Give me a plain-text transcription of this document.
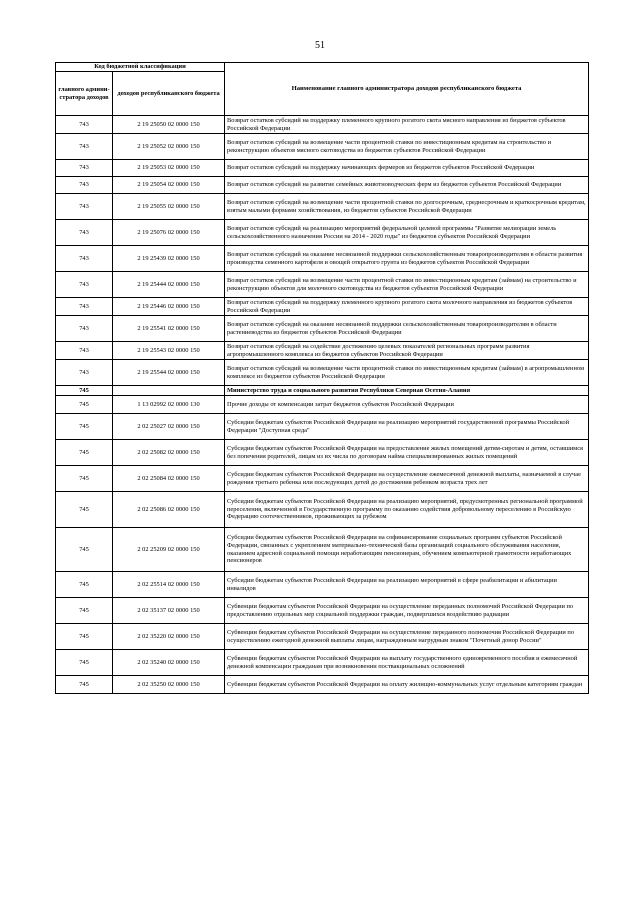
51
Код бюджетной классификации		Наименование главного администратора доходов республиканского бюджета
главного админи-стратора доходов	доходов республиканского бюджета	
743	2 19 25050 02 0000 150	Возврат остатков субсидий на поддержку племенного крупного рогатого скота мясного направления из бюджетов субъектов Российской Федерации
743	2 19 25052 02 0000 150	Возврат остатков субсидий на возмещение части процентной ставки по инвестиционным кредитам на строительство и реконструкцию объектов мясного скотоводства из бюджетов субъектов Российской Федерации
743	2 19 25053 02 0000 150	Возврат остатков субсидий на поддержку начинающих фермеров из бюджетов субъектов Российской Федерации
743	2 19 25054 02 0000 150	Возврат остатков субсидий на развитие семейных животноводческих ферм из бюджетов субъектов Российской Федерации
743	2 19 25055 02 0000 150	Возврат остатков субсидий на возмещение части процентной ставки по долгосрочным, среднесрочным и краткосрочным кредитам, взятым малыми формами хозяйствования, из бюджетов субъектов Российской Федерации
743	2 19 25076 02 0000 150	Возврат остатков субсидий на реализацию мероприятий федеральной целевой программы "Развитие мелиорации земель сельскохозяйственного назначения России на 2014 - 2020 годы" из бюджетов субъектов Российской Федерации
743	2 19 25439 02 0000 150	Возврат остатков субсидий на оказание несвязанной поддержки сельскохозяйственным товаропроизводителям в области развития производства семенного картофеля и овощей открытого грунта из бюджетов субъектов Российской Федерации
743	2 19 25444 02 0000 150	Возврат остатков субсидий на возмещение части процентной ставки по инвестиционным кредитам (займам) на строительство и реконструкцию объектов для молочного скотоводства из бюджетов субъектов Российской Федерации
743	2 19 25446 02 0000 150	Возврат остатков субсидий на поддержку племенного крупного рогатого скота молочного направления из бюджетов субъектов Российской Федерации
743	2 19 25541 02 0000 150	Возврат остатков субсидий на оказание несвязанной поддержки сельскохозяйственным товаропроизводителям в области растениеводства из бюджетов субъектов Российской Федерации
743	2 19 25543 02 0000 150	Возврат остатков субсидий на содействие достижению целевых показателей региональных программ развития агропромышленного комплекса из бюджетов субъектов Российской Федерации
743	2 19 25544 02 0000 150	Возврат остатков субсидий на возмещение части процентной ставки по инвестиционным кредитам (займам) в агропромышленном комплексе из бюджетов субъектов Российской Федерации
745		Министерство труда и социального развития Республики Северная Осетия-Алания
745	1 13 02992 02 0000 130	Прочие доходы от компенсации затрат бюджетов субъектов Российской Федерации
745	2 02 25027 02 0000 150	Субсидии бюджетам субъектов Российской Федерации на реализацию мероприятий государственной программы Российской Федерации "Доступная среда"
745	2 02 25082 02 0000 150	Субсидии бюджетам субъектов Российской Федерации на предоставление жилых помещений детям-сиротам и детям, оставшимся без попечения родителей, лицам из их числа по договорам найма специализированных жилых помещений
745	2 02 25084 02 0000 150	Субсидии бюджетам субъектов Российской Федерации на осуществление ежемесячной денежной выплаты, назначаемой в случае рождения третьего ребенка или последующих детей до достижения ребенком возраста трех лет
745	2 02 25086 02 0000 150	Субсидии бюджетам субъектов Российской Федерации на реализацию мероприятий, предусмотренных региональной программой переселения, включенной в Государственную программу по оказанию содействия добровольному переселению в Российскую Федерацию соотечественников, проживающих за рубежом
745	2 02 25209 02 0000 150	Субсидии бюджетам субъектов Российской Федерации на софинансирование социальных программ субъектов Российской Федерации, связанных с укреплением материально-технической базы организаций социального обслуживания населения, оказанием адресной социальной помощи неработающим пенсионерам, обучением компьютерной грамотности неработающих пенсионеров
745	2 02 25514 02 0000 150	Субсидии бюджетам субъектов Российской Федерации на реализацию мероприятий в сфере реабилитации и абилитации инвалидов
745	2 02 35137 02 0000 150	Субвенции бюджетам субъектов Российской Федерации на осуществление переданных полномочий Российской Федерации по предоставлению отдельных мер социальной поддержки граждан, подвергшихся воздействию радиации
745	2 02 35220 02 0000 150	Субвенции бюджетам субъектов Российской Федерации на осуществление переданного полномочия Российской Федерации по осуществлению ежегодной денежной выплаты лицам, награжденным нагрудным знаком "Почетный донор России"
745	2 02 35240 02 0000 150	Субвенции бюджетам субъектов Российской Федерации на выплату государственного единовременного пособия и ежемесячной денежной компенсации гражданам при возникновении поствакцинальных осложнений
745	2 02 35250 02 0000 150	Субвенции бюджетам субъектов Российской Федерации на оплату жилищно-коммунальных услуг отдельным категориям граждан
